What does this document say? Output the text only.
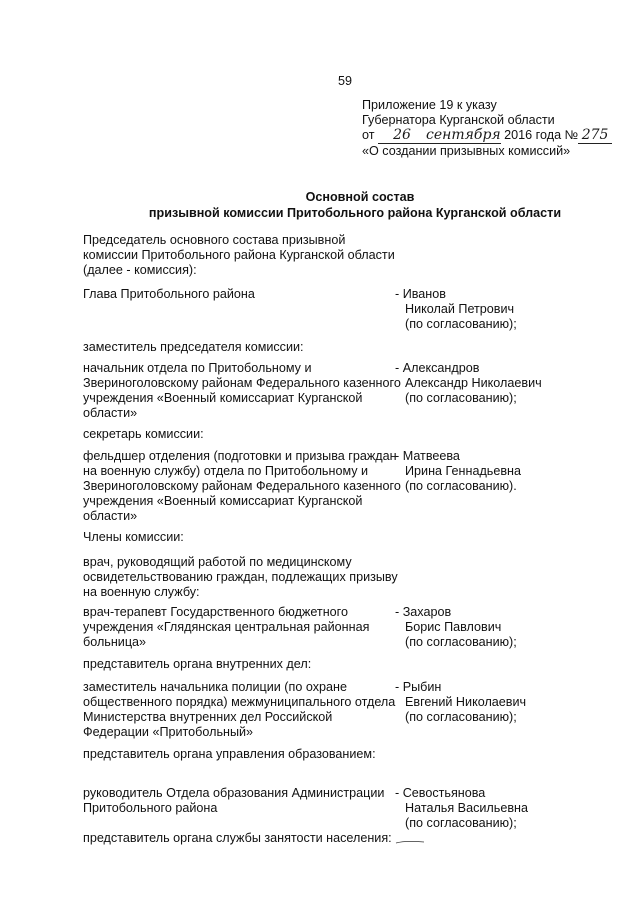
59
Приложение 19 к указу
Губернатора Курганской области
от 26 сентября 2016 года № 275
«О создании призывных комиссий»
Основной состав
призывной комиссии Притобольного района Курганской области
Председатель основного состава призывной комиссии Притобольного района Курганской области (далее - комиссия):
Глава Притобольного района	- Иванов
Николай Петрович
(по согласованию);
заместитель председателя комиссии:
начальник отдела по Притобольному и Звериноголовскому районам Федерального казенного учреждения «Военный комиссариат Курганской области»
- Александров
Александр Николаевич
(по согласованию);
секретарь комиссии:
фельдшер отделения (подготовки и призыва граждан на военную службу) отдела по Притобольному и Звериноголовскому районам Федерального казенного учреждения «Военный комиссариат Курганской области»
- Матвеева
Ирина Геннадьевна
(по согласованию).
Члены комиссии:
врач, руководящий работой по медицинскому освидетельствованию граждан, подлежащих призыву на военную службу:
врач-терапевт Государственного бюджетного учреждения «Глядянская центральная районная больница»
- Захаров
Борис Павлович
(по согласованию);
представитель органа внутренних дел:
заместитель начальника полиции (по охране общественного порядка) межмуниципального отдела Министерства внутренних дел Российской Федерации «Притобольный»
- Рыбин
Евгений Николаевич
(по согласованию);
представитель органа управления образованием:
руководитель Отдела образования Администрации Притобольного района
- Севостьянова
Наталья Васильевна
(по согласованию);
представитель органа службы занятости населения:
